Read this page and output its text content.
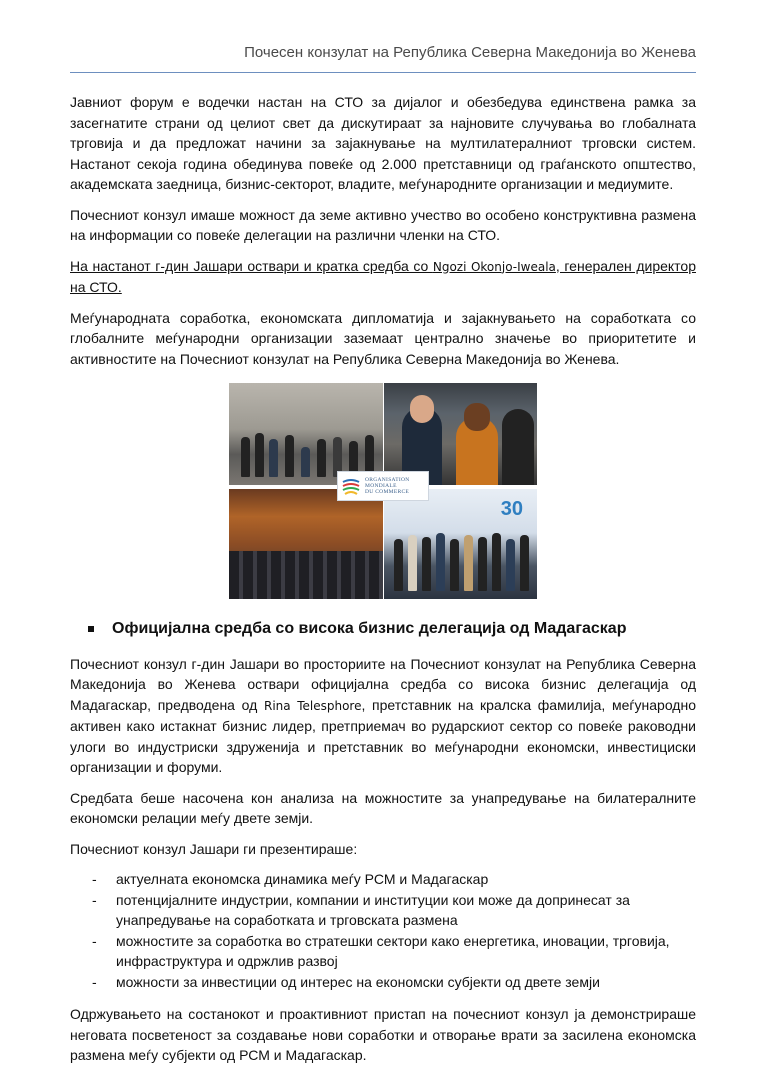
Почесен конзулат на Република Северна Македонија во Женева

Јавниот форум е водечки настан на СТО за дијалог и обезбедува единствена рамка за засегнатите страни од целиот свет да дискутираат за најновите случувања во глобалната трговија и да предложат начини за зајакнување на мултилатералниот трговски систем. Настанот секоја година обединува повеќе од 2.000 претставници од граѓанското општество, академската заедница, бизнис-секторот, владите, меѓународните организации и медиумите.

Почесниот конзул имаше можност да земе активно учество во особено конструктивна размена на информации со повеќе делегации на различни членки на СТО.

На настанот г-дин Јашари оствари и кратка средба со Ngozi Okonjo-Iweala, генерален директор на СТО.

Меѓународната соработка, економската дипломатија и зајакнувањето на соработката со глобалните меѓународни организации заземаат централно значење во приоритетите и активностите на Почесниот конзулат на Република Северна Македонија во Женева.

30
ORGANISATION
MONDIALE
DU COMMERCE
Официјална средба со висока бизнис делегација од Мадагаскар

Почесниот конзул г-дин Јашари во просториите на Почесниот конзулат на Република Северна Македонија во Женева оствари официјална средба со висока бизнис делегација од Мадагаскар, предводена од Rina Telesphore, претставник на кралска фамилија, меѓународно активен како истакнат бизнис лидер, претприемач во рударскиот сектор со повеќе раководни улоги во индустриски здруженија и претставник во меѓународни економски, инвестициски организации и форуми.

Средбата беше насочена кон анализа на можностите за унапредување на билатералните економски релации меѓу двете земји.

Почесниот конзул Јашари ги презентираше:

- актуелната економска динамика меѓу РСМ и Мадагаскар
- потенцијалните индустрии, компании и институции кои може да допринесат за унапредување на соработката и трговската размена
- можностите за соработка во стратешки сектори како енергетика, иновации, трговија, инфраструктура и одржлив развој
- можности за инвестиции од интерес на економски субјекти од двете земји

Одржувањето на состанокот и проактивниот пристап на почесниот конзул ја демонстрираше неговата посветеност за создавање нови соработки и отворање врати за засилена економска размена меѓу субјекти од РСМ и Мадагаскар.
